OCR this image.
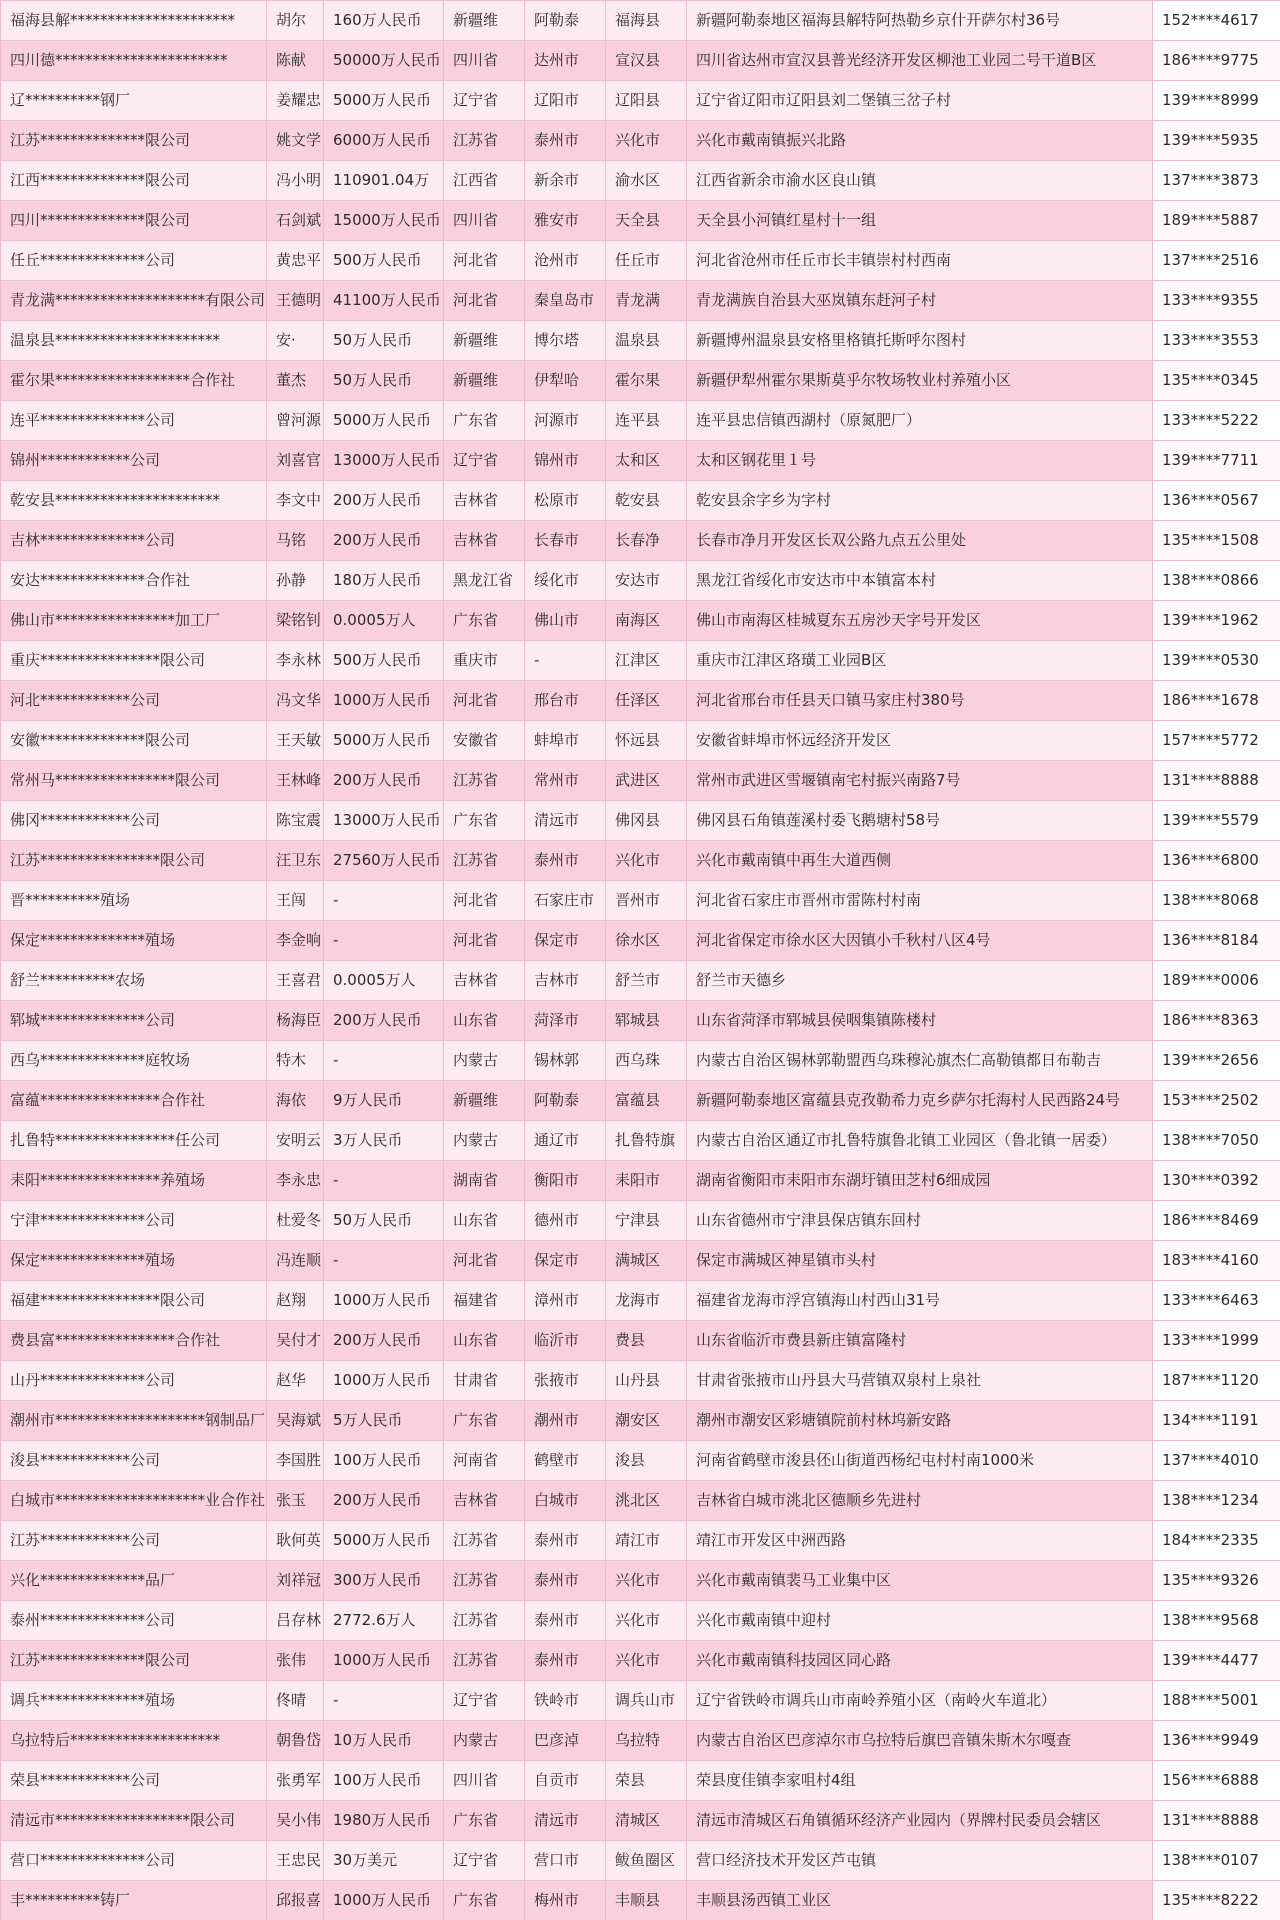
福海县解**********************	胡尔	160万人民币	新疆维	阿勒泰	福海县	新疆阿勒泰地区福海县解特阿热勒乡京什开萨尔村36号	152****4617
四川德***********************	陈献	50000万人民币	四川省	达州市	宣汉县	四川省达州市宣汉县普光经济开发区柳池工业园二号干道B区	186****9775
辽**********钢厂	姜耀忠	5000万人民币	辽宁省	辽阳市	辽阳县	辽宁省辽阳市辽阳县刘二堡镇三岔子村	139****8999
江苏**************限公司	姚文学	6000万人民币	江苏省	泰州市	兴化市	兴化市戴南镇振兴北路	139****5935
江西**************限公司	冯小明	110901.04万	江西省	新余市	渝水区	江西省新余市渝水区良山镇	137****3873
四川**************限公司	石剑斌	15000万人民币	四川省	雅安市	天全县	天全县小河镇红星村十一组	189****5887
任丘**************公司	黄忠平	500万人民币	河北省	沧州市	任丘市	河北省沧州市任丘市长丰镇崇村村西南	137****2516
青龙满********************有限公司	王德明	41100万人民币	河北省	秦皇岛市	青龙满	青龙满族自治县大巫岚镇东赶河子村	133****9355
温泉县**********************	安·	50万人民币	新疆维	博尔塔	温泉县	新疆博州温泉县安格里格镇托斯呼尔图村	133****3553
霍尔果******************合作社	董杰	50万人民币	新疆维	伊犁哈	霍尔果	新疆伊犁州霍尔果斯莫乎尔牧场牧业村养殖小区	135****0345
连平**************公司	曾河源	5000万人民币	广东省	河源市	连平县	连平县忠信镇西湖村（原氮肥厂）	133****5222
锦州************公司	刘喜官	13000万人民币	辽宁省	锦州市	太和区	太和区钢花里１号	139****7711
乾安县**********************	李文中	200万人民币	吉林省	松原市	乾安县	乾安县余字乡为字村	136****0567
吉林**************公司	马铭	200万人民币	吉林省	长春市	长春净	长春市净月开发区长双公路九点五公里处	135****1508
安达**************合作社	孙静	180万人民币	黑龙江省	绥化市	安达市	黑龙江省绥化市安达市中本镇富本村	138****0866
佛山市****************加工厂	梁铭钊	0.0005万人	广东省	佛山市	南海区	佛山市南海区桂城夏东五房沙天字号开发区	139****1962
重庆****************限公司	李永林	500万人民币	重庆市	-	江津区	重庆市江津区珞璜工业园B区	139****0530
河北************公司	冯文华	1000万人民币	河北省	邢台市	任泽区	河北省邢台市任县天口镇马家庄村380号	186****1678
安徽**************限公司	王天敏	5000万人民币	安徽省	蚌埠市	怀远县	安徽省蚌埠市怀远经济开发区	157****5772
常州马****************限公司	王林峰	200万人民币	江苏省	常州市	武进区	常州市武进区雪堰镇南宅村振兴南路7号	131****8888
佛冈************公司	陈宝震	13000万人民币	广东省	清远市	佛冈县	佛冈县石角镇莲溪村委飞鹅塘村58号	139****5579
江苏****************限公司	汪卫东	27560万人民币	江苏省	泰州市	兴化市	兴化市戴南镇中再生大道西侧	136****6800
晋**********殖场	王闯	-	河北省	石家庄市	晋州市	河北省石家庄市晋州市雷陈村村南	138****8068
保定**************殖场	李金响	-	河北省	保定市	徐水区	河北省保定市徐水区大因镇小千秋村八区4号	136****8184
舒兰**********农场	王喜君	0.0005万人	吉林省	吉林市	舒兰市	舒兰市天德乡	189****0006
郓城**************公司	杨海臣	200万人民币	山东省	菏泽市	郓城县	山东省菏泽市郓城县侯咽集镇陈楼村	186****8363
西乌**************庭牧场	特木	-	内蒙古	锡林郭	西乌珠	内蒙古自治区锡林郭勒盟西乌珠穆沁旗杰仁高勒镇都日布勒吉	139****2656
富蕴****************合作社	海依	9万人民币	新疆维	阿勒泰	富蕴县	新疆阿勒泰地区富蕴县克孜勒希力克乡萨尔托海村人民西路24号	153****2502
扎鲁特****************任公司	安明云	3万人民币	内蒙古	通辽市	扎鲁特旗	内蒙古自治区通辽市扎鲁特旗鲁北镇工业园区（鲁北镇一居委）	138****7050
耒阳****************养殖场	李永忠	-	湖南省	衡阳市	耒阳市	湖南省衡阳市耒阳市东湖圩镇田芝村6细成园	130****0392
宁津**************公司	杜爱冬	50万人民币	山东省	德州市	宁津县	山东省德州市宁津县保店镇东回村	186****8469
保定**************殖场	冯连顺	-	河北省	保定市	满城区	保定市满城区神星镇市头村	183****4160
福建****************限公司	赵翔	1000万人民币	福建省	漳州市	龙海市	福建省龙海市浮宫镇海山村西山31号	133****6463
费县富****************合作社	吴付才	200万人民币	山东省	临沂市	费县	山东省临沂市费县新庄镇富隆村	133****1999
山丹**************公司	赵华	1000万人民币	甘肃省	张掖市	山丹县	甘肃省张掖市山丹县大马营镇双泉村上泉社	187****1120
潮州市********************钢制品厂	吴海斌	5万人民币	广东省	潮州市	潮安区	潮州市潮安区彩塘镇院前村林坞新安路	134****1191
浚县************公司	李国胜	100万人民币	河南省	鹤壁市	浚县	河南省鹤壁市浚县伾山街道西杨纪屯村村南1000米	137****4010
白城市********************业合作社	张玉	200万人民币	吉林省	白城市	洮北区	吉林省白城市洮北区德顺乡先进村	138****1234
江苏************公司	耿何英	5000万人民币	江苏省	泰州市	靖江市	靖江市开发区中洲西路	184****2335
兴化**************品厂	刘祥冠	300万人民币	江苏省	泰州市	兴化市	兴化市戴南镇裴马工业集中区	135****9326
泰州**************公司	吕存林	2772.6万人	江苏省	泰州市	兴化市	兴化市戴南镇中迎村	138****9568
江苏**************限公司	张伟	1000万人民币	江苏省	泰州市	兴化市	兴化市戴南镇科技园区同心路	139****4477
调兵**************殖场	佟晴	-	辽宁省	铁岭市	调兵山市	辽宁省铁岭市调兵山市南岭养殖小区（南岭火车道北）	188****5001
乌拉特后********************	朝鲁岱	10万人民币	内蒙古	巴彦淖	乌拉特	内蒙古自治区巴彦淖尔市乌拉特后旗巴音镇朱斯木尔嘎查	136****9949
荣县************公司	张勇军	100万人民币	四川省	自贡市	荣县	荣县度佳镇李家咀村4组	156****6888
清远市******************限公司	吴小伟	1980万人民币	广东省	清远市	清城区	清远市清城区石角镇循环经济产业园内（界牌村民委员会辖区	131****8888
营口**************公司	王忠民	30万美元	辽宁省	营口市	鲅鱼圈区	营口经济技术开发区芦屯镇	138****0107
丰**********铸厂	邱报喜	1000万人民币	广东省	梅州市	丰顺县	丰顺县汤西镇工业区	135****8222
